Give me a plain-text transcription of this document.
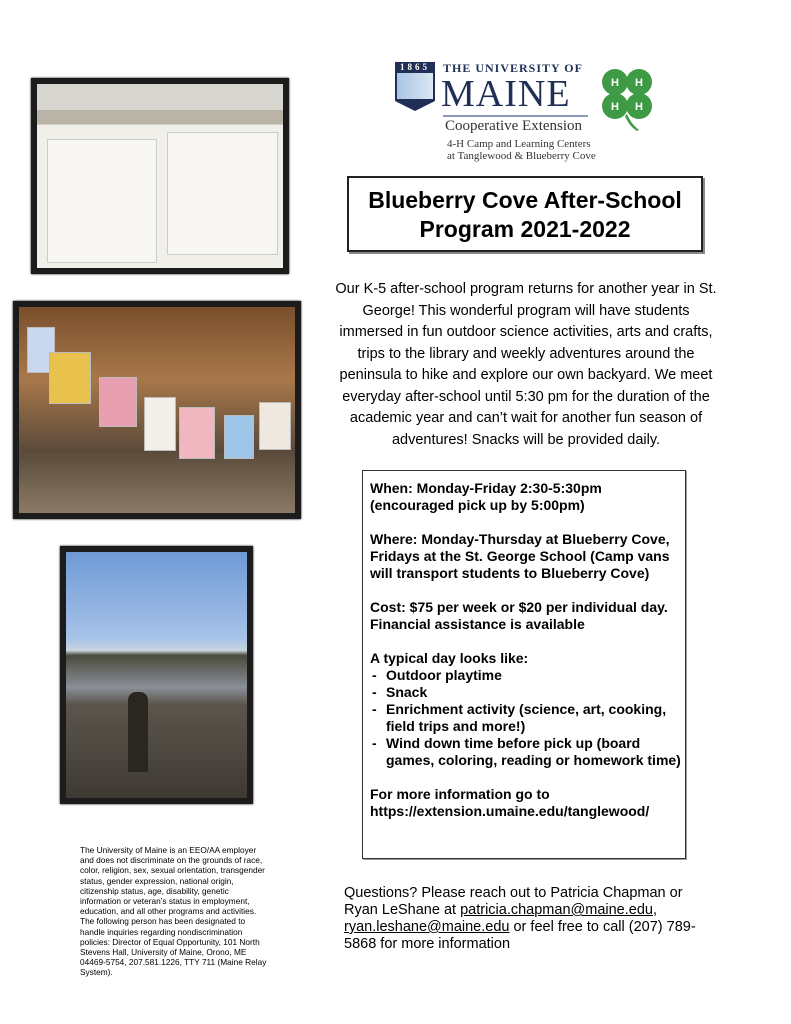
1865	THE UNIVERSITY OF
MAINE
Cooperative Extension
4-H Camp and Learning Centers
at Tanglewood & Blueberry Cove
H H
H H
Blueberry Cove After-School
Program 2021-2022
Our K-5 after-school program returns for another year in St. George! This wonderful program will have students immersed in fun outdoor science activities, arts and crafts, trips to the library and weekly adventures around the peninsula to hike and explore our own backyard. We meet everyday after-school until 5:30 pm for the duration of the academic year and can’t wait for another fun season of adventures! Snacks will be provided daily.

When: Monday-Friday 2:30-5:30pm (encouraged pick up by 5:00pm)

Where: Monday-Thursday at Blueberry Cove, Fridays at the St. George School (Camp vans will transport students to Blueberry Cove)

Cost: $75 per week or $20 per individual day. Financial assistance is available

A typical day looks like:
- Outdoor playtime
- Snack
- Enrichment activity (science, art, cooking, field trips and more!)
- Wind down time before pick up (board games, coloring, reading or homework time)

For more information go to https://extension.umaine.edu/tanglewood/

Questions? Please reach out to Patricia Chapman or Ryan LeShane at patricia.chapman@maine.edu, ryan.leshane@maine.edu or feel free to call (207) 789-5868 for more information
The University of Maine is an EEO/AA employer and does not discriminate on the grounds of race, color, religion, sex, sexual orientation, transgender status, gender expression, national origin, citizenship status, age, disability, genetic information or veteran’s status in employment, education, and all other programs and activities. The following person has been designated to handle inquiries regarding nondiscrimination policies: Director of Equal Opportunity, 101 North Stevens Hall, University of Maine, Orono, ME 04469-5754, 207.581.1226, TTY 711 (Maine Relay System).
